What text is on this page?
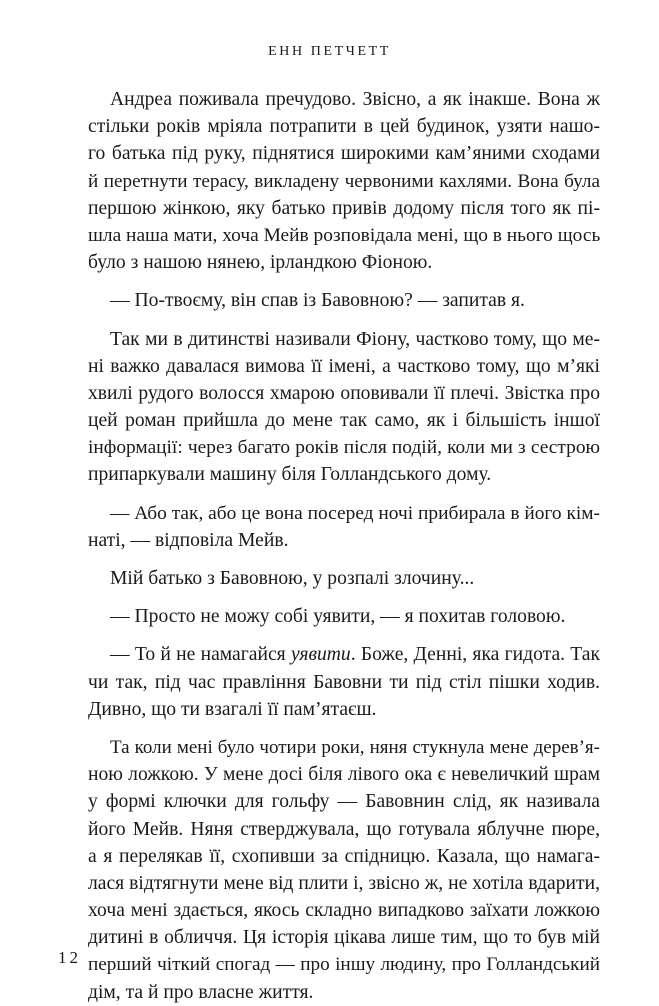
ЕНН ПЕТЧЕТТ
Андреа поживала пречудово. Звісно, а як інакше. Вона ж
стільки років мріяла потрапити в цей будинок, узяти нашо-
го батька під руку, піднятися широкими кам’яними сходами
й перетнути терасу, викладену червоними кахлями. Вона була
першою жінкою, яку батько привів додому після того як пі-
шла наша мати, хоча Мейв розповідала мені, що в нього щось
було з нашою нянею, ірландкою Фіоною.
— По-твоєму, він спав із Бавовною? — запитав я.
Так ми в дитинстві називали Фіону, частково тому, що ме-
ні важко давалася вимова її імені, а частково тому, що м’які
хвилі рудого волосся хмарою оповивали її плечі. Звістка про
цей роман прийшла до мене так само, як і більшість іншої
інформації: через багато років після подій, коли ми з сестрою
припаркували машину біля Голландського дому.
— Або так, або це вона посеред ночі прибирала в його кім-
наті, — відповіла Мейв.
Мій батько з Бавовною, у розпалі злочину...
— Просто не можу собі уявити, — я похитав головою.
— То й не намагайся уявити. Боже, Денні, яка гидота. Так
чи так, під час правління Бавовни ти під стіл пішки ходив.
Дивно, що ти взагалі її пам’ятаєш.
Та коли мені було чотири роки, няня стукнула мене дерев’я-
ною ложкою. У мене досі біля лівого ока є невеличкий шрам
у формі ключки для гольфу — Бавовнин слід, як називала
його Мейв. Няня стверджувала, що готувала яблучне пюре,
а я перелякав її, схопивши за спідницю. Казала, що намага-
лася відтягнути мене від плити і, звісно ж, не хотіла вдарити,
хоча мені здається, якось складно випадково заїхати ложкою
дитині в обличчя. Ця історія цікава лише тим, що то був мій
перший чіткий спогад — про іншу людину, про Голландський
дім, та й про власне життя.
12
